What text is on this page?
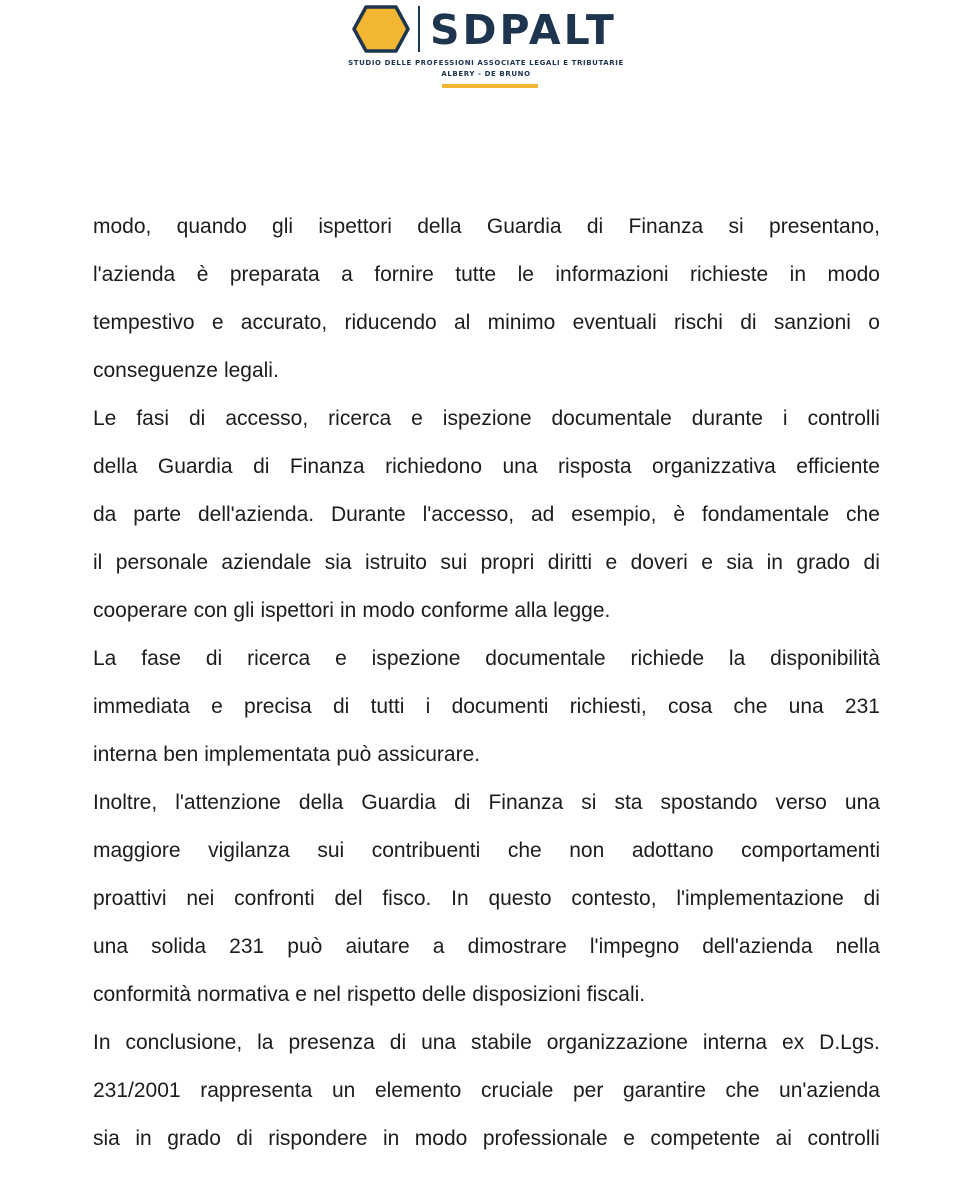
SDPALT
STUDIO DELLE PROFESSIONI ASSOCIATE LEGALI E TRIBUTARIE
ALBERY - DE BRUNO
modo, quando gli ispettori della Guardia di Finanza si presentano,
l'azienda è preparata a fornire tutte le informazioni richieste in modo
tempestivo e accurato, riducendo al minimo eventuali rischi di sanzioni o
conseguenze legali.
Le fasi di accesso, ricerca e ispezione documentale durante i controlli
della Guardia di Finanza richiedono una risposta organizzativa efficiente
da parte dell'azienda. Durante l'accesso, ad esempio, è fondamentale che
il personale aziendale sia istruito sui propri diritti e doveri e sia in grado di
cooperare con gli ispettori in modo conforme alla legge.
La fase di ricerca e ispezione documentale richiede la disponibilità
immediata e precisa di tutti i documenti richiesti, cosa che una 231
interna ben implementata può assicurare.
Inoltre, l'attenzione della Guardia di Finanza si sta spostando verso una
maggiore vigilanza sui contribuenti che non adottano comportamenti
proattivi nei confronti del fisco. In questo contesto, l'implementazione di
una solida 231 può aiutare a dimostrare l'impegno dell'azienda nella
conformità normativa e nel rispetto delle disposizioni fiscali.
In conclusione, la presenza di una stabile organizzazione interna ex D.Lgs.
231/2001 rappresenta un elemento cruciale per garantire che un'azienda
sia in grado di rispondere in modo professionale e competente ai controlli
